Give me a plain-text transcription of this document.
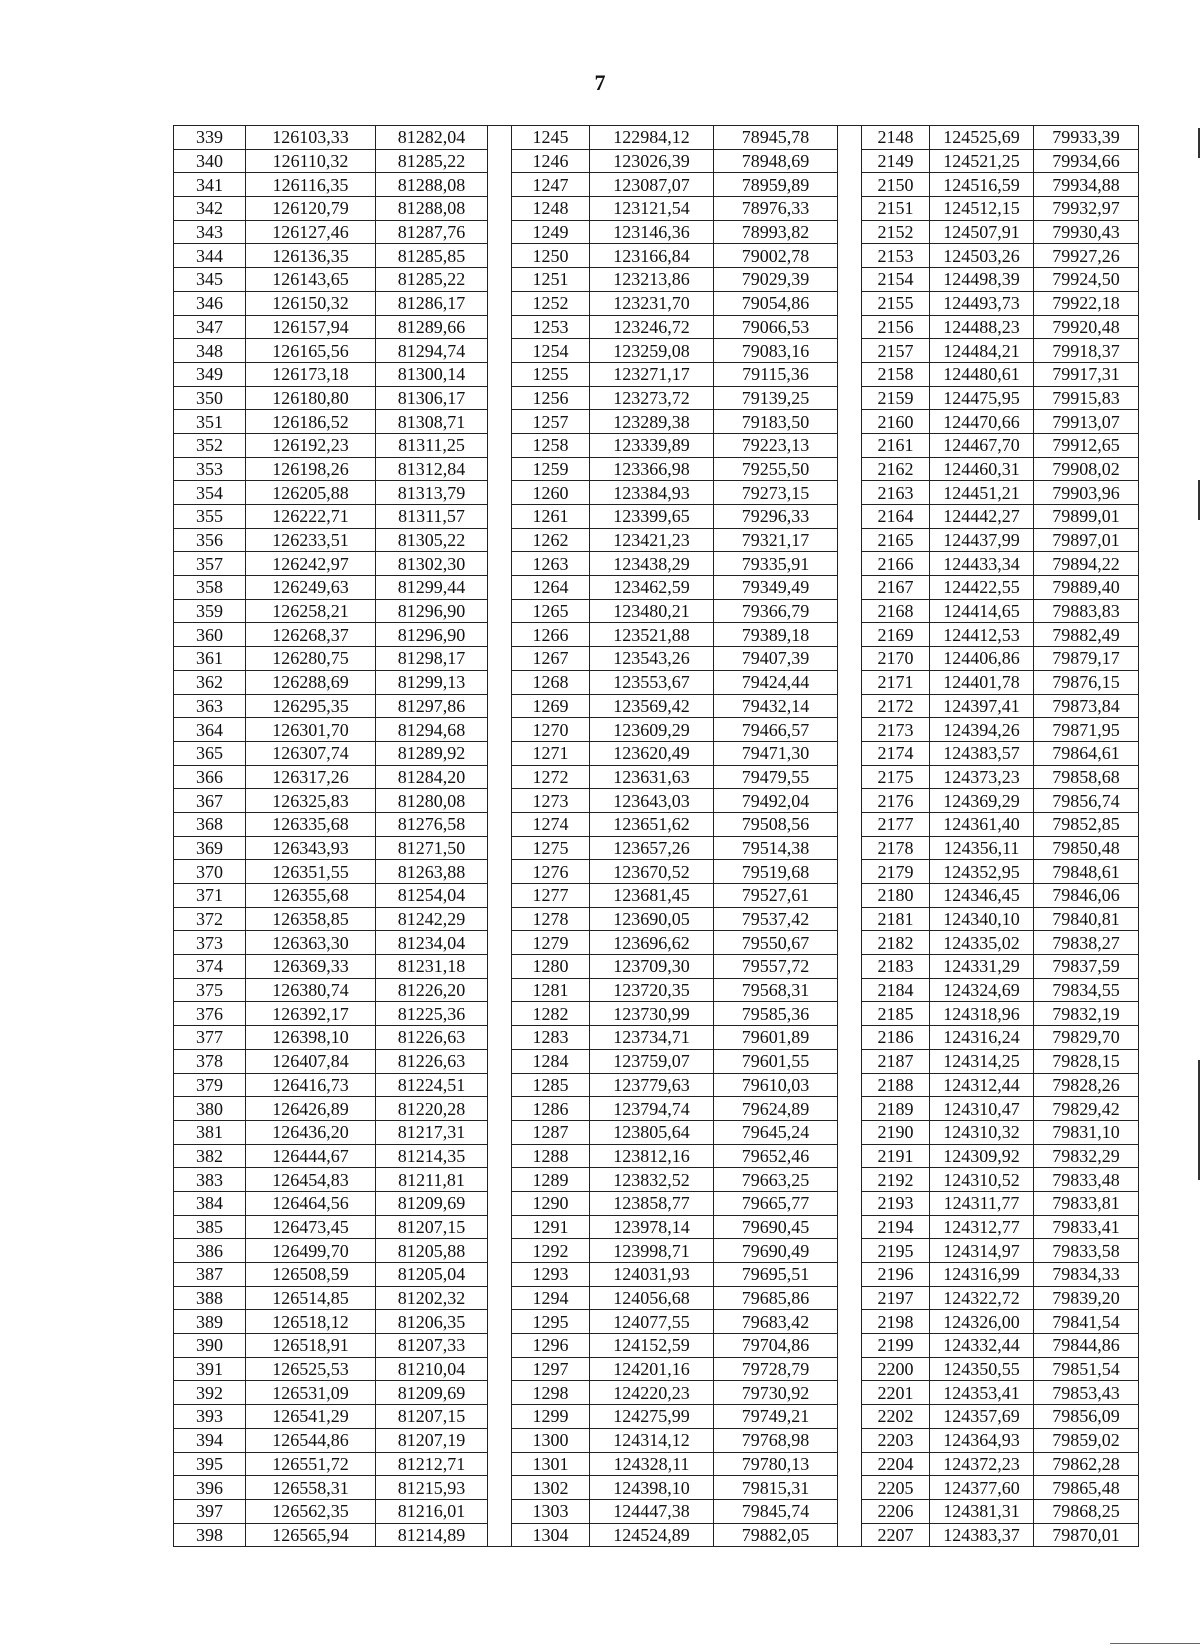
7
339	126103,33	81282,04		1245	122984,12	78945,78		2148	124525,69	79933,39
340	126110,32	81285,22		1246	123026,39	78948,69		2149	124521,25	79934,66
341	126116,35	81288,08		1247	123087,07	78959,89		2150	124516,59	79934,88
342	126120,79	81288,08		1248	123121,54	78976,33		2151	124512,15	79932,97
343	126127,46	81287,76		1249	123146,36	78993,82		2152	124507,91	79930,43
344	126136,35	81285,85		1250	123166,84	79002,78		2153	124503,26	79927,26
345	126143,65	81285,22		1251	123213,86	79029,39		2154	124498,39	79924,50
346	126150,32	81286,17		1252	123231,70	79054,86		2155	124493,73	79922,18
347	126157,94	81289,66		1253	123246,72	79066,53		2156	124488,23	79920,48
348	126165,56	81294,74		1254	123259,08	79083,16		2157	124484,21	79918,37
349	126173,18	81300,14		1255	123271,17	79115,36		2158	124480,61	79917,31
350	126180,80	81306,17		1256	123273,72	79139,25		2159	124475,95	79915,83
351	126186,52	81308,71		1257	123289,38	79183,50		2160	124470,66	79913,07
352	126192,23	81311,25		1258	123339,89	79223,13		2161	124467,70	79912,65
353	126198,26	81312,84		1259	123366,98	79255,50		2162	124460,31	79908,02
354	126205,88	81313,79		1260	123384,93	79273,15		2163	124451,21	79903,96
355	126222,71	81311,57		1261	123399,65	79296,33		2164	124442,27	79899,01
356	126233,51	81305,22		1262	123421,23	79321,17		2165	124437,99	79897,01
357	126242,97	81302,30		1263	123438,29	79335,91		2166	124433,34	79894,22
358	126249,63	81299,44		1264	123462,59	79349,49		2167	124422,55	79889,40
359	126258,21	81296,90		1265	123480,21	79366,79		2168	124414,65	79883,83
360	126268,37	81296,90		1266	123521,88	79389,18		2169	124412,53	79882,49
361	126280,75	81298,17		1267	123543,26	79407,39		2170	124406,86	79879,17
362	126288,69	81299,13		1268	123553,67	79424,44		2171	124401,78	79876,15
363	126295,35	81297,86		1269	123569,42	79432,14		2172	124397,41	79873,84
364	126301,70	81294,68		1270	123609,29	79466,57		2173	124394,26	79871,95
365	126307,74	81289,92		1271	123620,49	79471,30		2174	124383,57	79864,61
366	126317,26	81284,20		1272	123631,63	79479,55		2175	124373,23	79858,68
367	126325,83	81280,08		1273	123643,03	79492,04		2176	124369,29	79856,74
368	126335,68	81276,58		1274	123651,62	79508,56		2177	124361,40	79852,85
369	126343,93	81271,50		1275	123657,26	79514,38		2178	124356,11	79850,48
370	126351,55	81263,88		1276	123670,52	79519,68		2179	124352,95	79848,61
371	126355,68	81254,04		1277	123681,45	79527,61		2180	124346,45	79846,06
372	126358,85	81242,29		1278	123690,05	79537,42		2181	124340,10	79840,81
373	126363,30	81234,04		1279	123696,62	79550,67		2182	124335,02	79838,27
374	126369,33	81231,18		1280	123709,30	79557,72		2183	124331,29	79837,59
375	126380,74	81226,20		1281	123720,35	79568,31		2184	124324,69	79834,55
376	126392,17	81225,36		1282	123730,99	79585,36		2185	124318,96	79832,19
377	126398,10	81226,63		1283	123734,71	79601,89		2186	124316,24	79829,70
378	126407,84	81226,63		1284	123759,07	79601,55		2187	124314,25	79828,15
379	126416,73	81224,51		1285	123779,63	79610,03		2188	124312,44	79828,26
380	126426,89	81220,28		1286	123794,74	79624,89		2189	124310,47	79829,42
381	126436,20	81217,31		1287	123805,64	79645,24		2190	124310,32	79831,10
382	126444,67	81214,35		1288	123812,16	79652,46		2191	124309,92	79832,29
383	126454,83	81211,81		1289	123832,52	79663,25		2192	124310,52	79833,48
384	126464,56	81209,69		1290	123858,77	79665,77		2193	124311,77	79833,81
385	126473,45	81207,15		1291	123978,14	79690,45		2194	124312,77	79833,41
386	126499,70	81205,88		1292	123998,71	79690,49		2195	124314,97	79833,58
387	126508,59	81205,04		1293	124031,93	79695,51		2196	124316,99	79834,33
388	126514,85	81202,32		1294	124056,68	79685,86		2197	124322,72	79839,20
389	126518,12	81206,35		1295	124077,55	79683,42		2198	124326,00	79841,54
390	126518,91	81207,33		1296	124152,59	79704,86		2199	124332,44	79844,86
391	126525,53	81210,04		1297	124201,16	79728,79		2200	124350,55	79851,54
392	126531,09	81209,69		1298	124220,23	79730,92		2201	124353,41	79853,43
393	126541,29	81207,15		1299	124275,99	79749,21		2202	124357,69	79856,09
394	126544,86	81207,19		1300	124314,12	79768,98		2203	124364,93	79859,02
395	126551,72	81212,71		1301	124328,11	79780,13		2204	124372,23	79862,28
396	126558,31	81215,93		1302	124398,10	79815,31		2205	124377,60	79865,48
397	126562,35	81216,01		1303	124447,38	79845,74		2206	124381,31	79868,25
398	126565,94	81214,89		1304	124524,89	79882,05		2207	124383,37	79870,01
